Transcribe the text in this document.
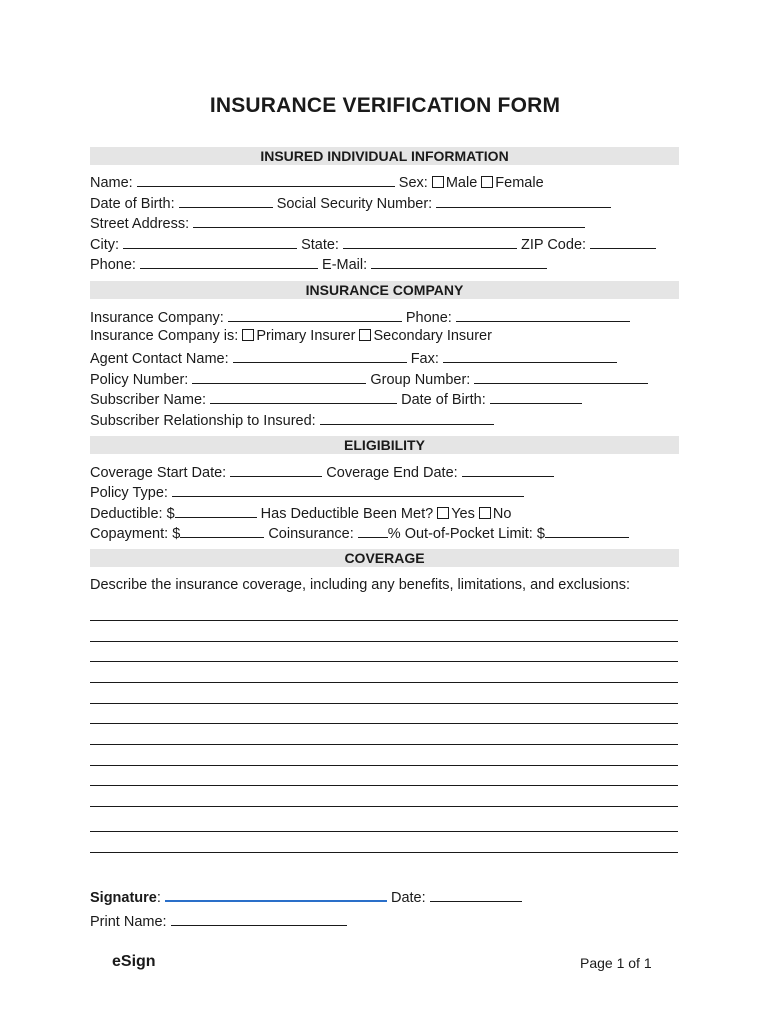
INSURANCE VERIFICATION FORM
INSURED INDIVIDUAL INFORMATION
Name:	Sex: Male Female
Date of Birth:	Social Security Number:
Street Address:
City:	State:	ZIP Code:
Phone:	E-Mail:
INSURANCE COMPANY
Insurance Company:	Phone:
Insurance Company is: Primary Insurer Secondary Insurer
Agent Contact Name:	Fax:
Policy Number:	Group Number:
Subscriber Name:	Date of Birth:
Subscriber Relationship to Insured:
ELIGIBILITY
Coverage Start Date:	Coverage End Date:
Policy Type:
Deductible: $	Has Deductible Been Met? Yes No
Copayment: $	Coinsurance: % Out-of-Pocket Limit: $
COVERAGE
Describe the insurance coverage, including any benefits, limitations, and exclusions:
Signature:	Date:
Print Name:
eSign	Page 1 of 1
